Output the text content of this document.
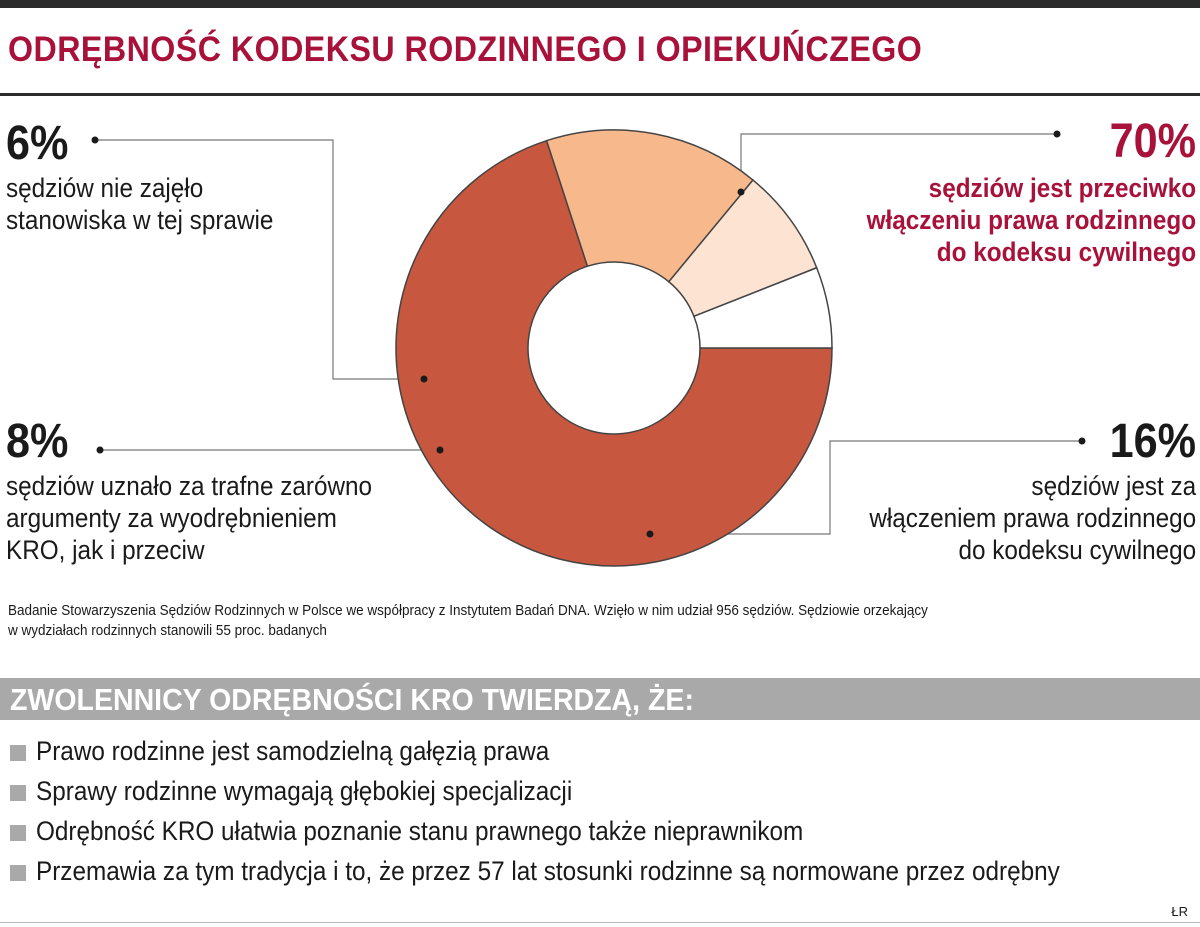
ODRĘBNOŚĆ KODEKSU RODZINNEGO I OPIEKUŃCZEGO
6%
sędziów nie zajęło
stanowiska w tej sprawie
8%
sędziów uznało za trafne zarówno
argumenty za wyodrębnieniem
KRO, jak i przeciw
70%
sędziów jest przeciwko
włączeniu prawa rodzinnego
do kodeksu cywilnego
16%
sędziów jest za
włączeniem prawa rodzinnego
do kodeksu cywilnego
Badanie Stowarzyszenia Sędziów Rodzinnych w Polsce we współpracy z Instytutem Badań DNA. Wzięło w nim udział 956 sędziów. Sędziowie orzekający
w wydziałach rodzinnych stanowili 55 proc. badanych
ZWOLENNICY ODRĘBNOŚCI KRO TWIERDZĄ, ŻE:
Prawo rodzinne jest samodzielną gałęzią prawa
Sprawy rodzinne wymagają głębokiej specjalizacji
Odrębność KRO ułatwia poznanie stanu prawnego także nieprawnikom
Przemawia za tym tradycja i to, że przez 57 lat stosunki rodzinne są normowane przez odrębny
ŁR
